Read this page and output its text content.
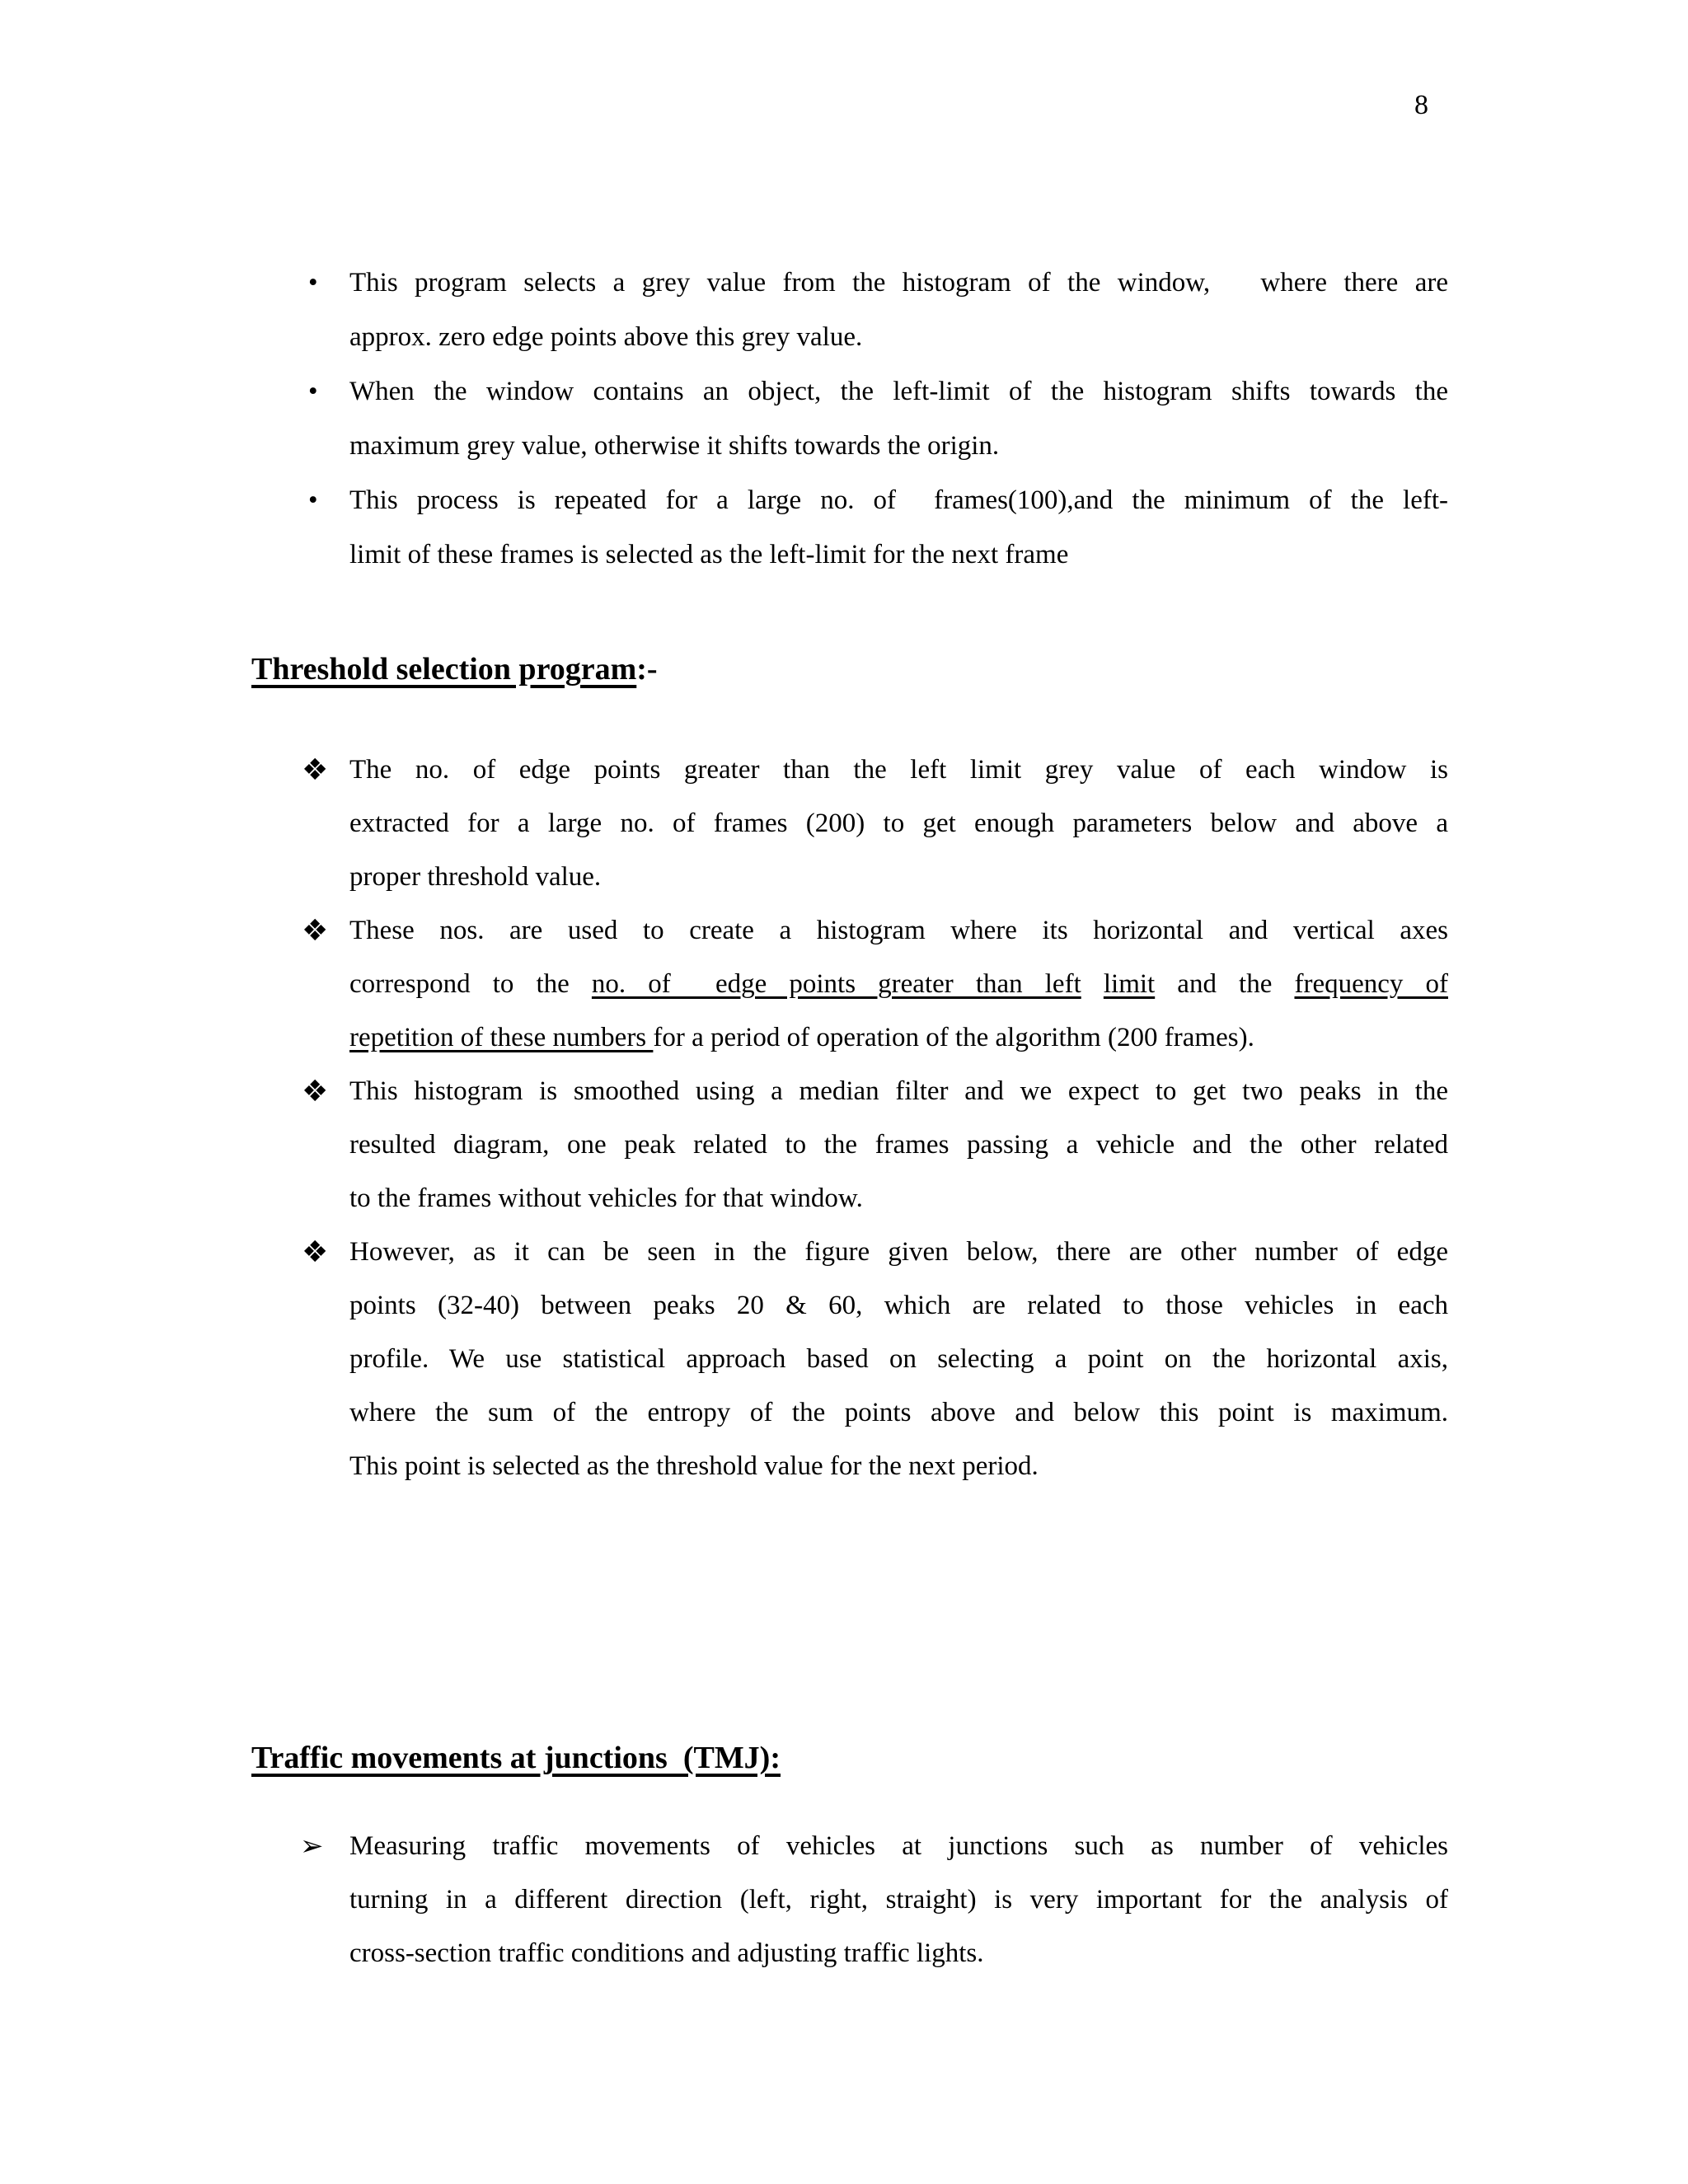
8
• This program selects a grey value from the histogram of the window,   where there are
approx. zero edge points above this grey value.
• When the window contains an object, the left-limit of the histogram shifts towards the
maximum grey value, otherwise it shifts towards the origin.
• This process is repeated for a large no. of  frames(100),and the minimum of the left-
limit of these frames is selected as the left-limit for the next frame
Threshold selection program:-
❖ The no. of edge points greater than the left limit grey value of each window is
extracted for a large no. of frames (200) to get enough parameters below and above a
proper threshold value.
❖ These nos. are used to create a histogram where its horizontal and vertical axes
correspond to the no. of  edge points greater than left limit and the frequency of
repetition of these numbers for a period of operation of the algorithm (200 frames).
❖ This histogram is smoothed using a median filter and we expect to get two peaks in the
resulted diagram, one peak related to the frames passing a vehicle and the other related
to the frames without vehicles for that window.
❖ However, as it can be seen in the figure given below, there are other number of edge
points (32-40) between peaks 20 & 60, which are related to those vehicles in each
profile. We use statistical approach based on selecting a point on the horizontal axis,
where the sum of the entropy of the points above and below this point is maximum.
This point is selected as the threshold value for the next period.
Traffic movements at junctions  (TMJ):
➢ Measuring traffic movements of vehicles at junctions such as number of vehicles
turning in a different direction (left, right, straight) is very important for the analysis of
cross-section traffic conditions and adjusting traffic lights.
